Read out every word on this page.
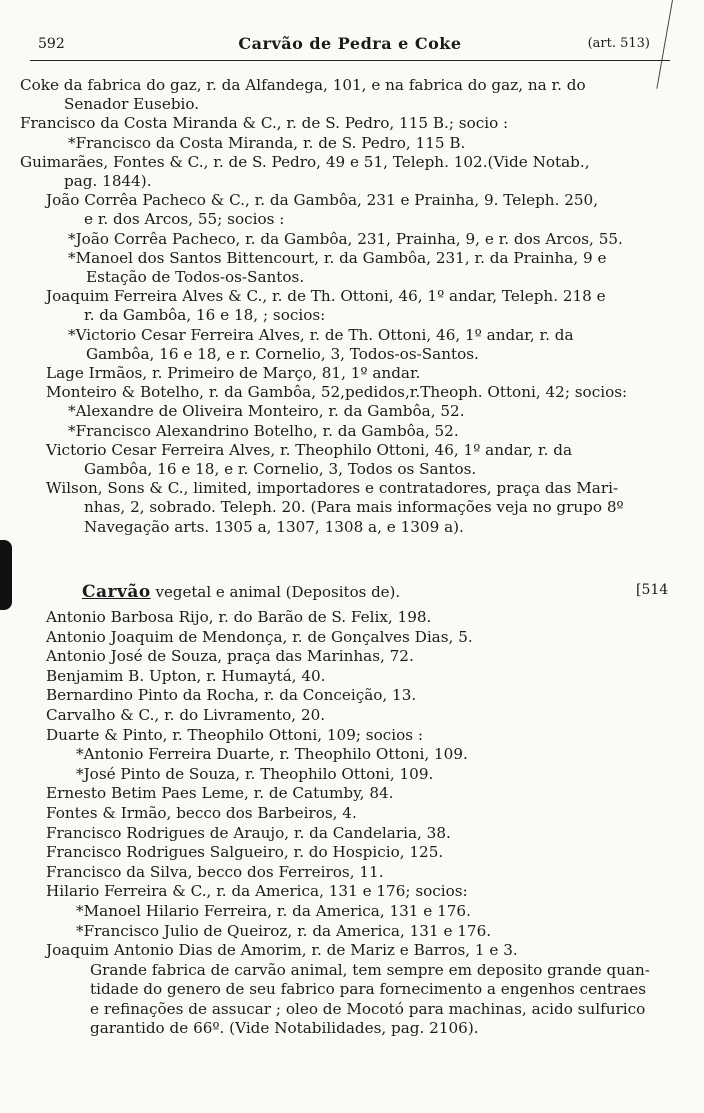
592	Carvão de Pedra e Coke	(art. 513)
Coke da fabrica do gaz, r. da Alfandega, 101, e na fabrica do gaz, na r. do
Senador Eusebio.
Francisco da Costa Miranda & C., r. de S. Pedro, 115 B.; socio :
*Francisco da Costa Miranda, r. de S. Pedro, 115 B.
Guimarães, Fontes & C., r. de S. Pedro, 49 e 51, Teleph. 102.(Vide Notab.,
pag. 1844).
João Corrêa Pacheco & C., r. da Gambôa, 231 e Prainha, 9. Teleph. 250,
e r. dos Arcos, 55; socios :
*João Corrêa Pacheco, r. da Gambôa, 231, Prainha, 9, e r. dos Arcos, 55.
*Manoel dos Santos Bittencourt, r. da Gambôa, 231, r. da Prainha, 9 e
Estação de Todos-os-Santos.
Joaquim Ferreira Alves & C., r. de Th. Ottoni, 46, 1º andar, Teleph. 218 e
r. da Gambôa, 16 e 18, ; socios:
*Victorio Cesar Ferreira Alves, r. de Th. Ottoni, 46, 1º andar, r. da
Gambôa, 16 e 18, e r. Cornelio, 3, Todos-os-Santos.
Lage Irmãos, r. Primeiro de Março, 81, 1º andar.
Monteiro & Botelho, r. da Gambôa, 52,pedidos,r.Theoph. Ottoni, 42; socios:
*Alexandre de Oliveira Monteiro, r. da Gambôa, 52.
*Francisco Alexandrino Botelho, r. da Gambôa, 52.
Victorio Cesar Ferreira Alves, r. Theophilo Ottoni, 46, 1º andar, r. da
Gambôa, 16 e 18, e r. Cornelio, 3, Todos os Santos.
Wilson, Sons & C., limited, importadores e contratadores, praça das Mari-
nhas, 2, sobrado. Teleph. 20. (Para mais informações veja no grupo 8º
Navegação arts. 1305 a, 1307, 1308 a, e 1309 a).
Carvão vegetal e animal (Depositos de).	[514
Antonio Barbosa Rijo, r. do Barão de S. Felix, 198.
Antonio Joaquim de Mendonça, r. de Gonçalves Dias, 5.
Antonio José de Souza, praça das Marinhas, 72.
Benjamim B. Upton, r. Humaytá, 40.
Bernardino Pinto da Rocha, r. da Conceição, 13.
Carvalho & C., r. do Livramento, 20.
Duarte & Pinto, r. Theophilo Ottoni, 109; socios :
*Antonio Ferreira Duarte, r. Theophilo Ottoni, 109.
*José Pinto de Souza, r. Theophilo Ottoni, 109.
Ernesto Betim Paes Leme, r. de Catumby, 84.
Fontes & Irmão, becco dos Barbeiros, 4.
Francisco Rodrigues de Araujo, r. da Candelaria, 38.
Francisco Rodrigues Salgueiro, r. do Hospicio, 125.
Francisco da Silva, becco dos Ferreiros, 11.
Hilario Ferreira & C., r. da America, 131 e 176; socios:
*Manoel Hilario Ferreira, r. da America, 131 e 176.
*Francisco Julio de Queiroz, r. da America, 131 e 176.
Joaquim Antonio Dias de Amorim, r. de Mariz e Barros, 1 e 3.
Grande fabrica de carvão animal, tem sempre em deposito grande quan-
tidade do genero de seu fabrico para fornecimento a engenhos centraes
e refinações de assucar ; oleo de Mocotó para machinas, acido sulfurico
garantido de 66º. (Vide Notabilidades, pag. 2106).
